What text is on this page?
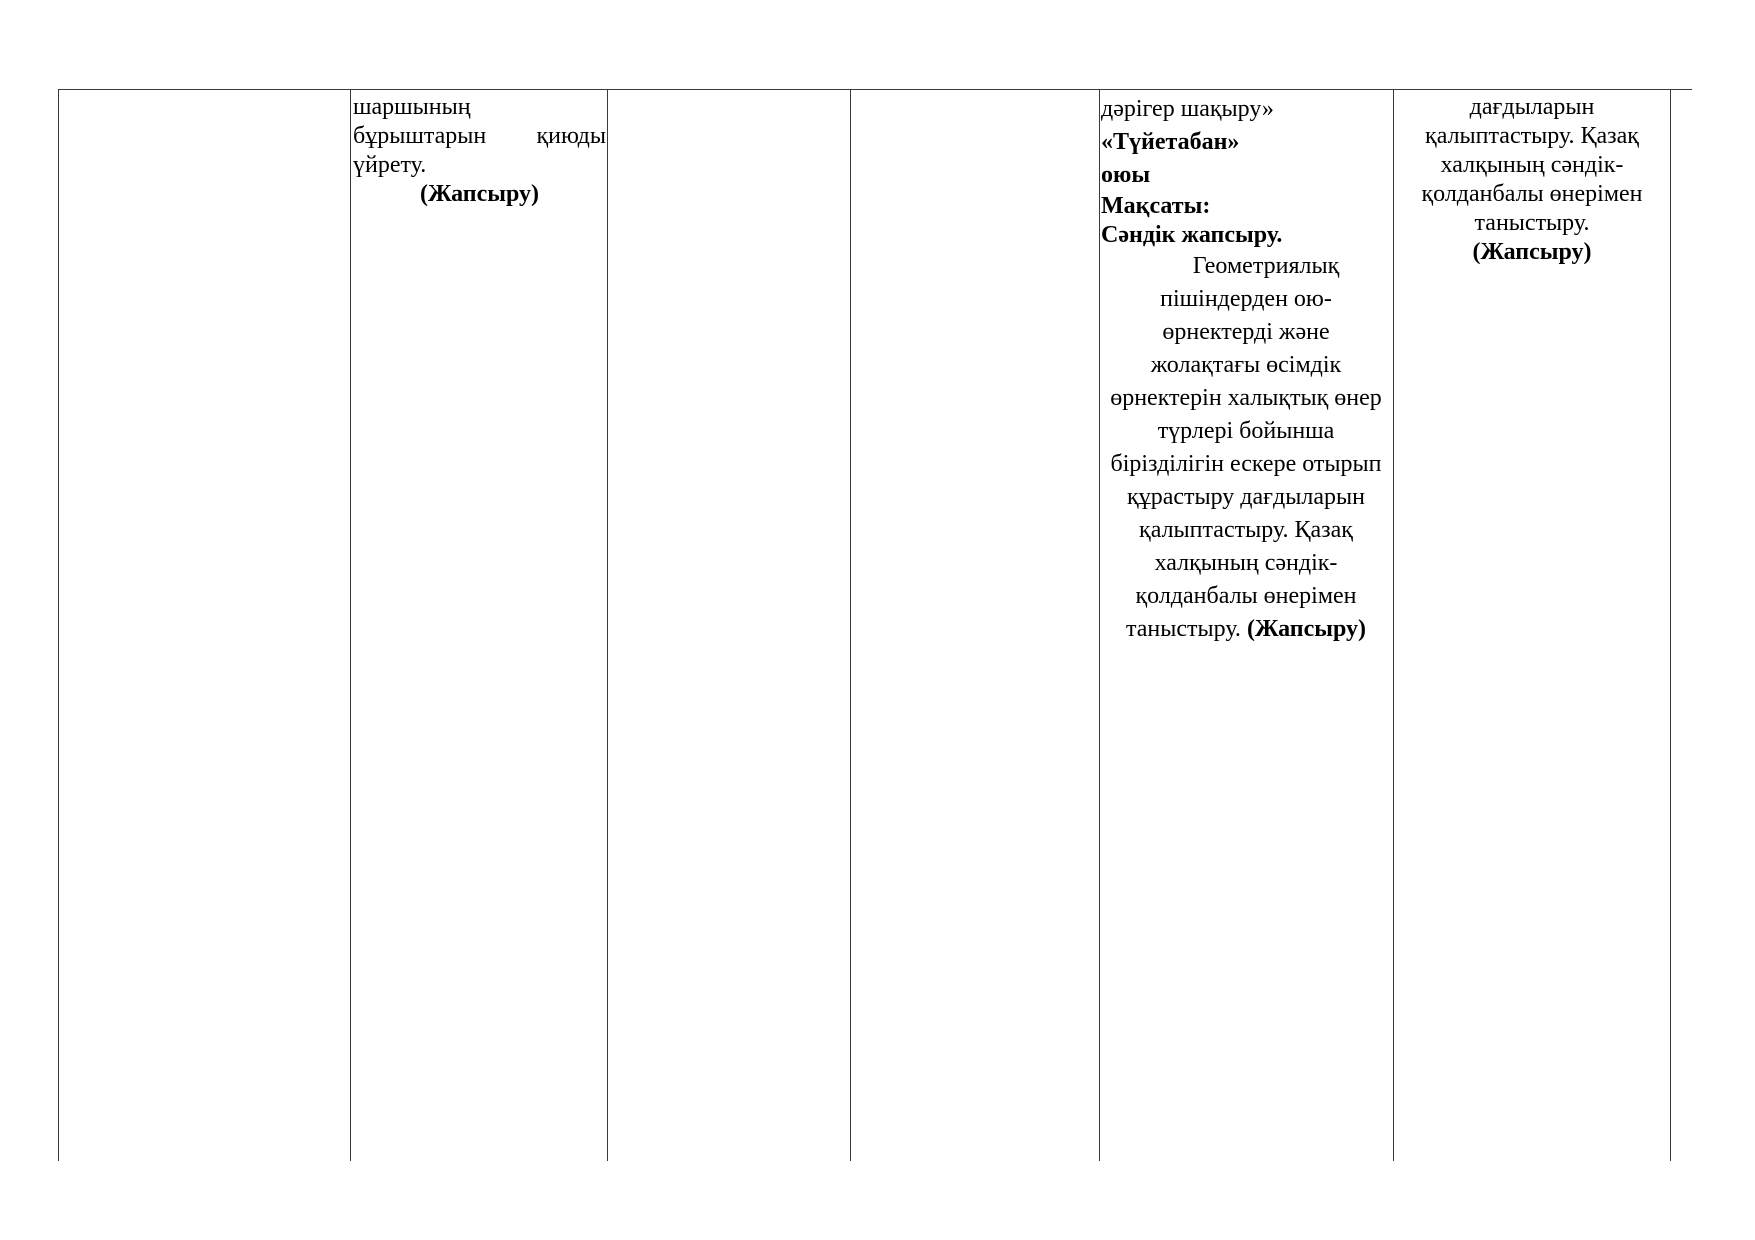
шаршының

бұрыштарын қиюды

үйрету.

(Жапсыру)

дәрігер шақыру»

«Түйетабан»

оюы

Мақсаты:

Сәндік жапсыру.

Геометриялық

пішіндерден ою-

өрнектерді және

жолақтағы өсімдік

өрнектерін халықтық өнер

түрлері бойынша

біріздiлiгiн ескере отырып

құрастыру дағдыларын

қалыптастыру. Қазақ

халқының сәндік-

қолданбалы өнерімен

таныстыру. (Жапсыру)

дағдыларын

қалыптастыру. Қазақ

халқының сәндік-

қолданбалы өнерімен

таныстыру.

(Жапсыру)
